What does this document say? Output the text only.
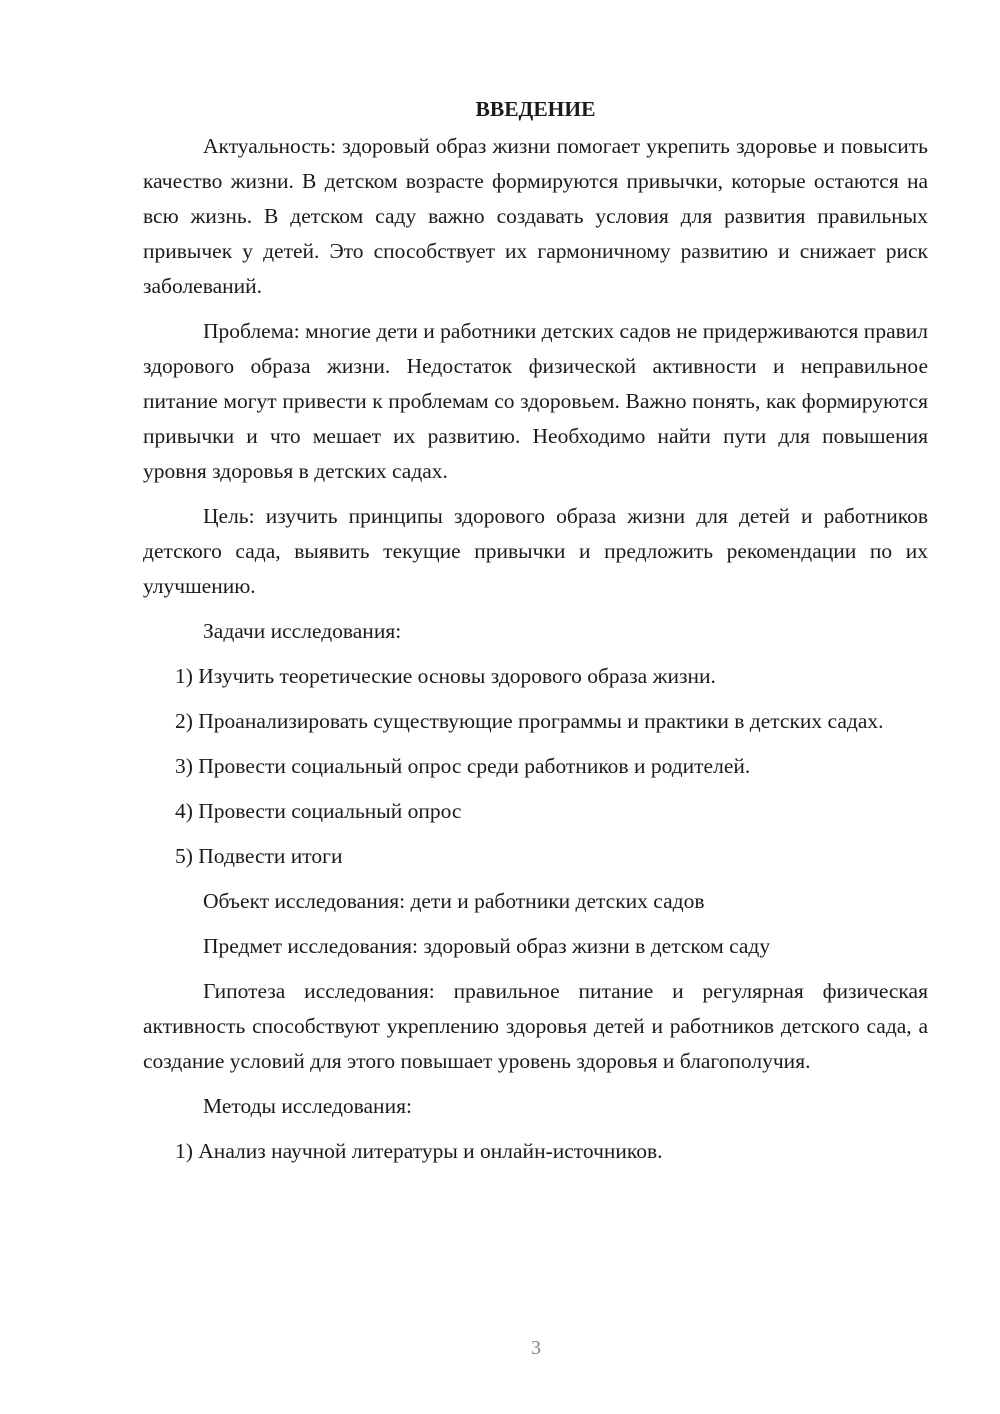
ВВЕДЕНИЕ

Актуальность: здоровый образ жизни помогает укрепить здоровье и повысить качество жизни. В детском возрасте формируются привычки, которые остаются на всю жизнь. В детском саду важно создавать условия для развития правильных привычек у детей. Это способствует их гармоничному развитию и снижает риск заболеваний.

Проблема: многие дети и работники детских садов не придерживаются правил здорового образа жизни. Недостаток физической активности и неправильное питание могут привести к проблемам со здоровьем. Важно понять, как формируются привычки и что мешает их развитию. Необходимо найти пути для повышения уровня здоровья в детских садах.

Цель: изучить принципы здорового образа жизни для детей и работников детского сада, выявить текущие привычки и предложить рекомендации по их улучшению.

Задачи исследования:

1) Изучить теоретические основы здорового образа жизни.

2) Проанализировать существующие программы и практики в детских садах.

3) Провести социальный опрос среди работников и родителей.

4) Провести социальный опрос

5) Подвести итоги

Объект исследования: дети и работники детских садов

Предмет исследования: здоровый образ жизни в детском саду

Гипотеза исследования: правильное питание и регулярная физическая активность способствуют укреплению здоровья детей и работников детского сада, а создание условий для этого повышает уровень здоровья и благополучия.

Методы исследования:

1) Анализ научной литературы и онлайн-источников.

3
